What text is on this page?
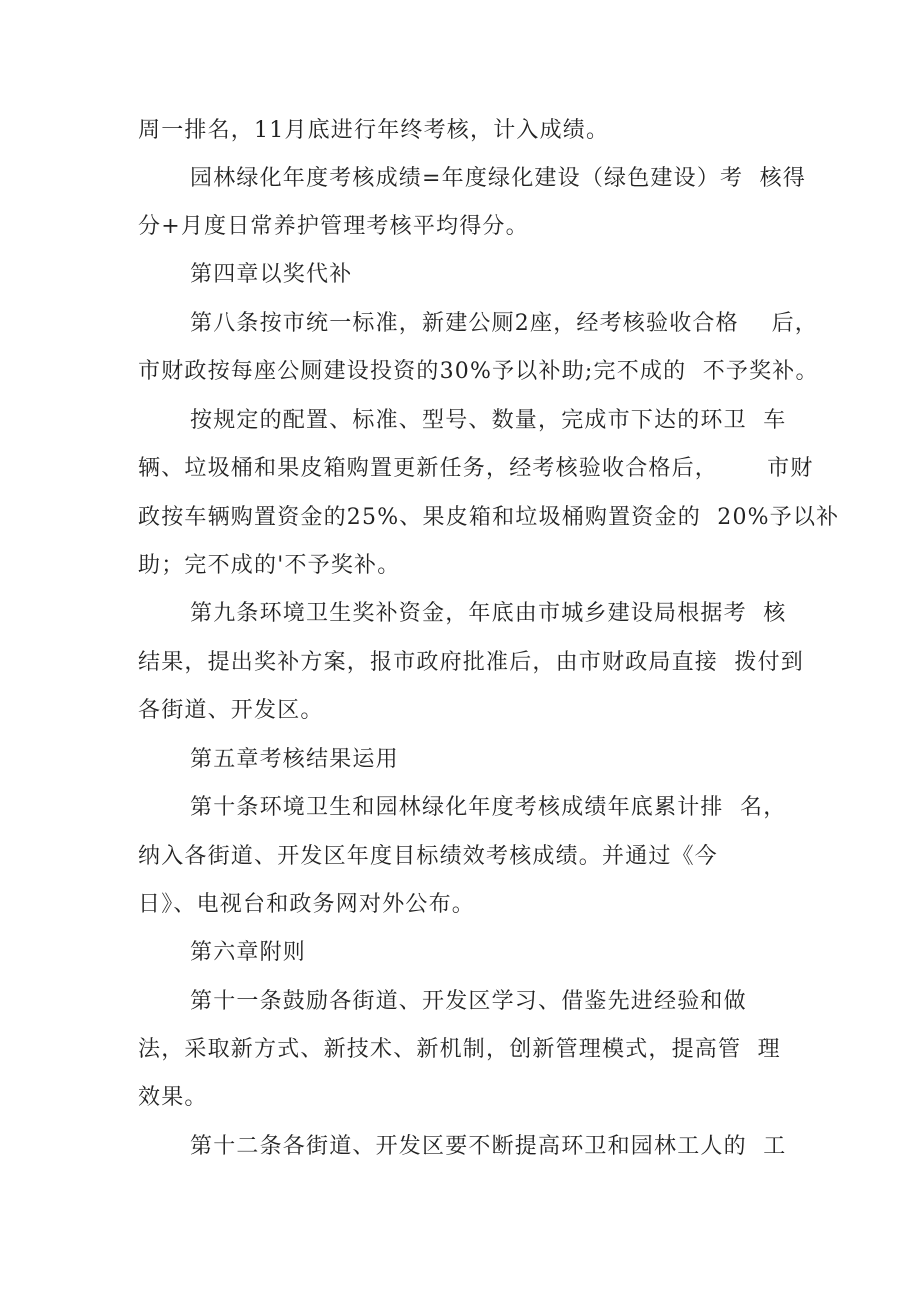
周一排名，11月底进行年终考核，计入成绩。
园林绿化年度考核成绩=年度绿化建设（绿色建设）考  核得
分+月度日常养护管理考核平均得分。
第四章以奖代补
第八条按市统一标准，新建公厕2座，经考核验收合格    后，
市财政按每座公厕建设投资的30%予以补助;完不成的  不予奖补。
按规定的配置、标准、型号、数量，完成市下达的环卫  车
辆、垃圾桶和果皮箱购置更新任务，经考核验收合格后，      市财
政按车辆购置资金的25%、果皮箱和垃圾桶购置资金的  20%予以补
助；完不成的'不予奖补。
第九条环境卫生奖补资金，年底由市城乡建设局根据考  核
结果，提出奖补方案，报市政府批准后，由市财政局直接  拨付到
各街道、开发区。
第五章考核结果运用
第十条环境卫生和园林绿化年度考核成绩年底累计排  名，
纳入各街道、开发区年度目标绩效考核成绩。并通过《今
日》、电视台和政务网对外公布。
第六章附则
第十一条鼓励各街道、开发区学习、借鉴先进经验和做
法，采取新方式、新技术、新机制，创新管理模式，提高管  理
效果。
第十二条各街道、开发区要不断提高环卫和园林工人的  工
